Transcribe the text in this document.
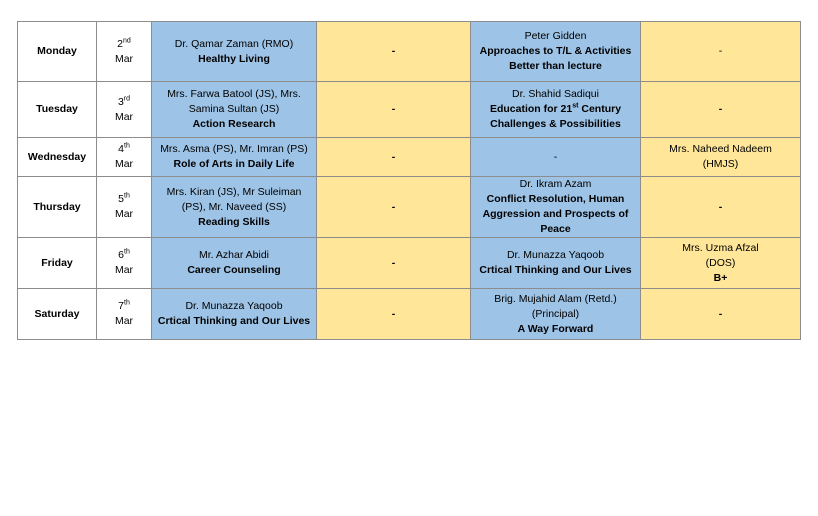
Monday	2nd
Mar	Dr. Qamar Zaman (RMO)
Healthy Living	-	Peter Gidden
Approaches to T/L & Activities
Better than lecture	-
Tuesday	3rd
Mar	Mrs. Farwa Batool (JS), Mrs.
Samina Sultan (JS)
Action Research	-	Dr. Shahid Sadiqui
Education for 21st Century
Challenges & Possibilities	-
Wednesday	4th
Mar	Mrs. Asma (PS), Mr. Imran (PS)
Role of Arts in Daily Life	-	-	Mrs. Naheed Nadeem
(HMJS)

Thursday	5th
Mar	Mrs. Kiran (JS), Mr Suleiman
(PS), Mr. Naveed (SS)
Reading Skills	-	Dr. Ikram Azam
Conflict Resolution, Human
Aggression and Prospects of
Peace	-
Friday	6th
Mar	Mr. Azhar Abidi
Career Counseling	-	Dr. Munazza Yaqoob
Crtical Thinking and Our Lives	Mrs. Uzma Afzal
(DOS)
B+

Saturday	7th
Mar	Dr. Munazza Yaqoob
Crtical Thinking and Our Lives	-	Brig. Mujahid Alam (Retd.)
(Principal)
A Way Forward	-
